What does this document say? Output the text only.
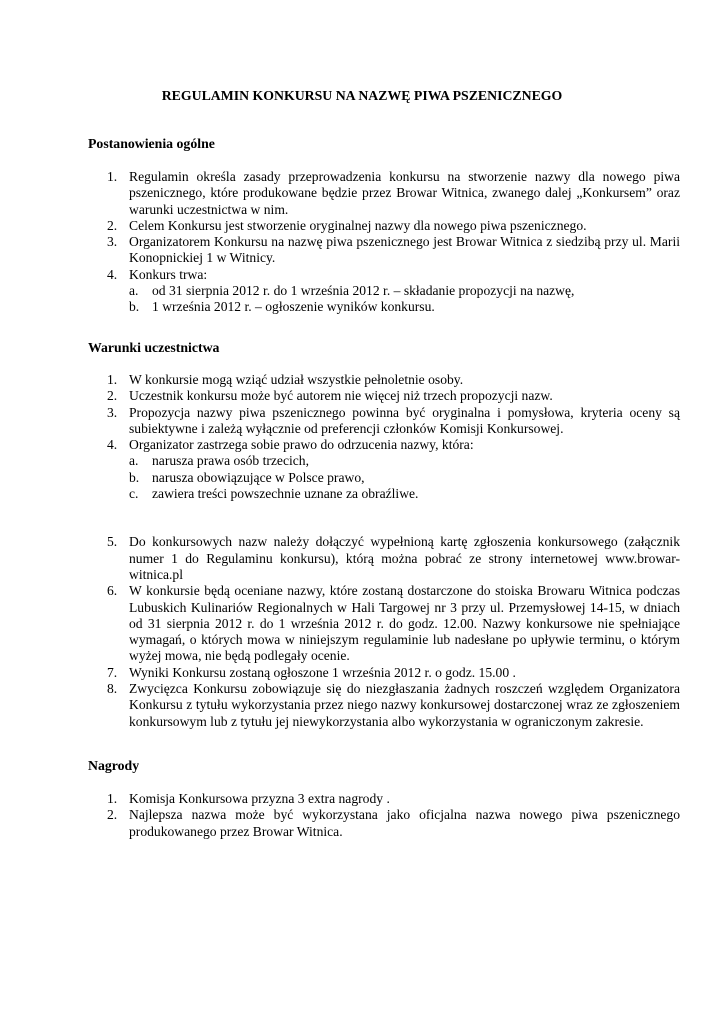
REGULAMIN KONKURSU NA NAZWĘ PIWA PSZENICZNEGO
Postanowienia ogólne
1. Regulamin określa zasady przeprowadzenia konkursu na stworzenie nazwy dla nowego piwa pszenicznego, które produkowane będzie przez Browar Witnica, zwanego dalej „Konkursem” oraz warunki uczestnictwa w nim.
2. Celem Konkursu jest stworzenie oryginalnej nazwy dla nowego piwa pszenicznego.
3. Organizatorem Konkursu na nazwę piwa pszenicznego jest Browar Witnica z siedzibą przy ul. Marii Konopnickiej 1 w Witnicy.
4. Konkurs trwa:
a. od 31 sierpnia 2012 r. do 1 września 2012 r. – składanie propozycji na nazwę,
b. 1 września 2012 r. – ogłoszenie wyników konkursu.
Warunki uczestnictwa
1. W konkursie mogą wziąć udział wszystkie pełnoletnie osoby.
2. Uczestnik konkursu może być autorem nie więcej niż trzech propozycji nazw.
3. Propozycja nazwy piwa pszenicznego powinna być oryginalna i pomysłowa, kryteria oceny są subiektywne i zależą wyłącznie od preferencji członków Komisji Konkursowej.
4. Organizator zastrzega sobie prawo do odrzucenia nazwy, która:
a. narusza prawa osób trzecich,
b. narusza obowiązujące w Polsce prawo,
c. zawiera treści powszechnie uznane za obraźliwe.
5. Do konkursowych nazw należy dołączyć wypełnioną kartę zgłoszenia konkursowego (załącznik numer 1 do Regulaminu konkursu), którą można pobrać ze strony internetowej www.browar-witnica.pl
6. W konkursie będą oceniane nazwy, które zostaną dostarczone do stoiska Browaru Witnica podczas Lubuskich Kulinariów Regionalnych w Hali Targowej nr 3 przy ul. Przemysłowej 14-15, w dniach od 31 sierpnia 2012 r. do 1 września 2012 r. do godz. 12.00. Nazwy konkursowe nie spełniające wymagań, o których mowa w niniejszym regulaminie lub nadesłane po upływie terminu, o którym wyżej mowa, nie będą podlegały ocenie.
7. Wyniki Konkursu zostaną ogłoszone 1 września 2012 r. o godz. 15.00 .
8. Zwycięzca Konkursu zobowiązuje się do niezgłaszania żadnych roszczeń względem Organizatora Konkursu z tytułu wykorzystania przez niego nazwy konkursowej dostarczonej wraz ze zgłoszeniem konkursowym lub z tytułu jej niewykorzystania albo wykorzystania w ograniczonym zakresie.
Nagrody
1. Komisja Konkursowa przyzna 3 extra nagrody .
2. Najlepsza nazwa może być wykorzystana jako oficjalna nazwa nowego piwa pszenicznego produkowanego przez Browar Witnica.
